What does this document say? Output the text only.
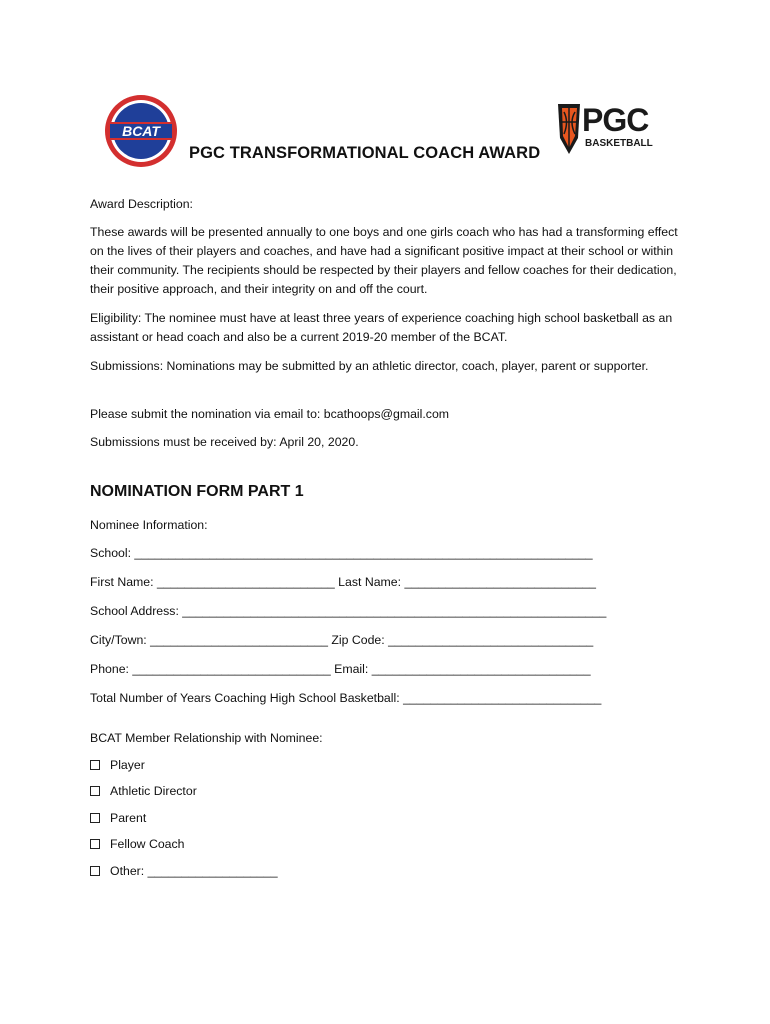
BCAT	PGC
BASKETBALL
PGC TRANSFORMATIONAL COACH AWARD
Award Description:
These awards will be presented annually to one boys and one girls coach who has had a transforming effect on the lives of their players and coaches, and have had a significant positive impact at their school or within their community. The recipients should be respected by their players and fellow coaches for their dedication, their positive approach, and their integrity on and off the court.
Eligibility: The nominee must have at least three years of experience coaching high school basketball as an assistant or head coach and also be a current 2019-20 member of the BCAT.
Submissions: Nominations may be submitted by an athletic director, coach, player, parent or supporter.
Please submit the nomination via email to: bcathoops@gmail.com
Submissions must be received by: April 20, 2020.
NOMINATION FORM PART 1
Nominee Information:
School: ___________________________________________________________________
First Name: __________________________ Last Name: ____________________________
School Address: ______________________________________________________________
City/Town: __________________________ Zip Code: ______________________________
Phone: _____________________________ Email: ________________________________
Total Number of Years Coaching High School Basketball: _____________________________
BCAT Member Relationship with Nominee:
Player
Athletic Director
Parent
Fellow Coach
Other: ___________________
